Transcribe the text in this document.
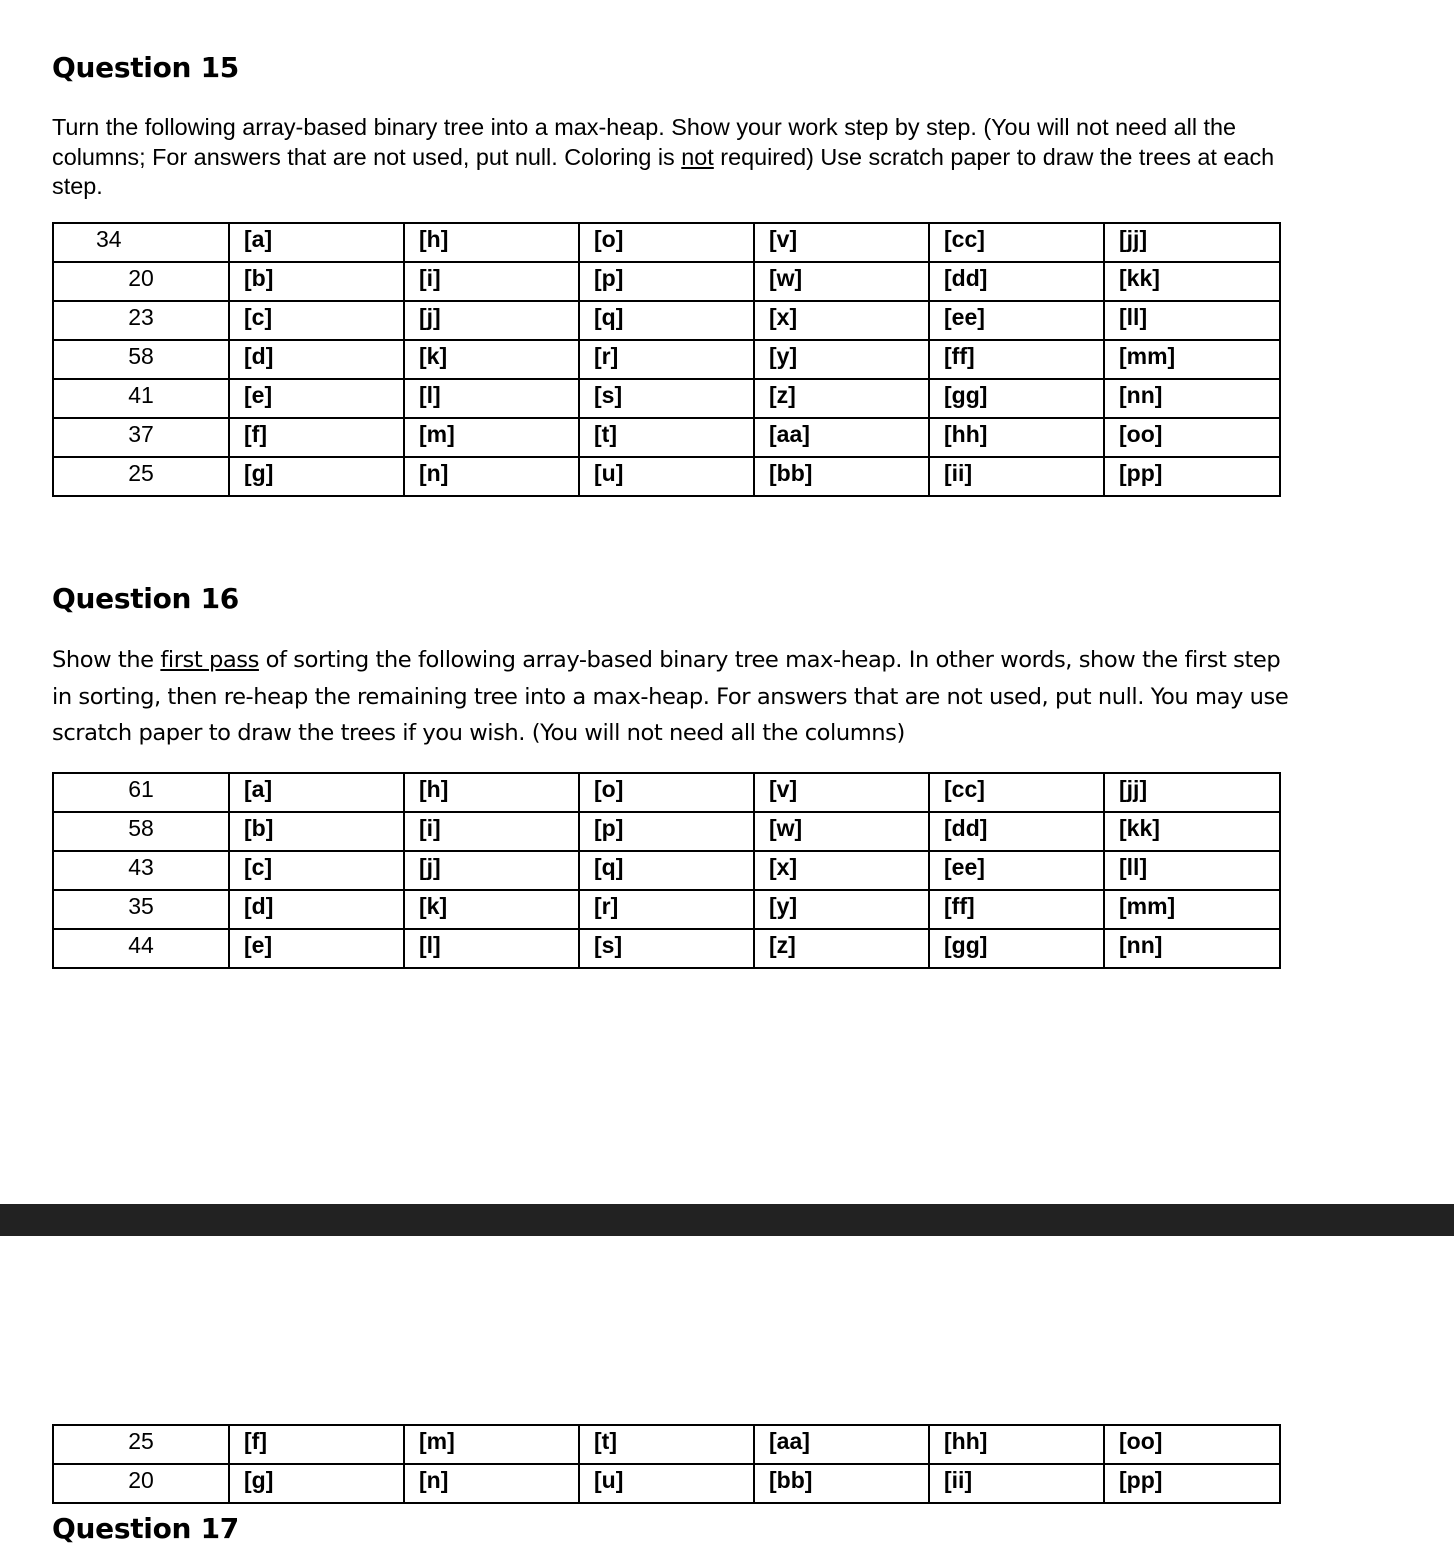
Question 15

Turn the following array-based binary tree into a max-heap. Show your work step by step. (You will not need all the columns; For answers that are not used, put null. Coloring is not required) Use scratch paper to draw the trees at each step.

34	[a]	[h]	[o]	[v]	[cc]	[jj]
20	[b]	[i]	[p]	[w]	[dd]	[kk]
23	[c]	[j]	[q]	[x]	[ee]	[ll]
58	[d]	[k]	[r]	[y]	[ff]	[mm]
41	[e]	[l]	[s]	[z]	[gg]	[nn]
37	[f]	[m]	[t]	[aa]	[hh]	[oo]
25	[g]	[n]	[u]	[bb]	[ii]	[pp]
Question 16

Show the first pass of sorting the following array-based binary tree max-heap. In other words, show the first step in sorting, then re-heap the remaining tree into a max-heap. For answers that are not used, put null. You may use scratch paper to draw the trees if you wish. (You will not need all the columns)

61	[a]	[h]	[o]	[v]	[cc]	[jj]
58	[b]	[i]	[p]	[w]	[dd]	[kk]
43	[c]	[j]	[q]	[x]	[ee]	[ll]
35	[d]	[k]	[r]	[y]	[ff]	[mm]
44	[e]	[l]	[s]	[z]	[gg]	[nn]
25	[f]	[m]	[t]	[aa]	[hh]	[oo]
20	[g]	[n]	[u]	[bb]	[ii]	[pp]
Question 17
